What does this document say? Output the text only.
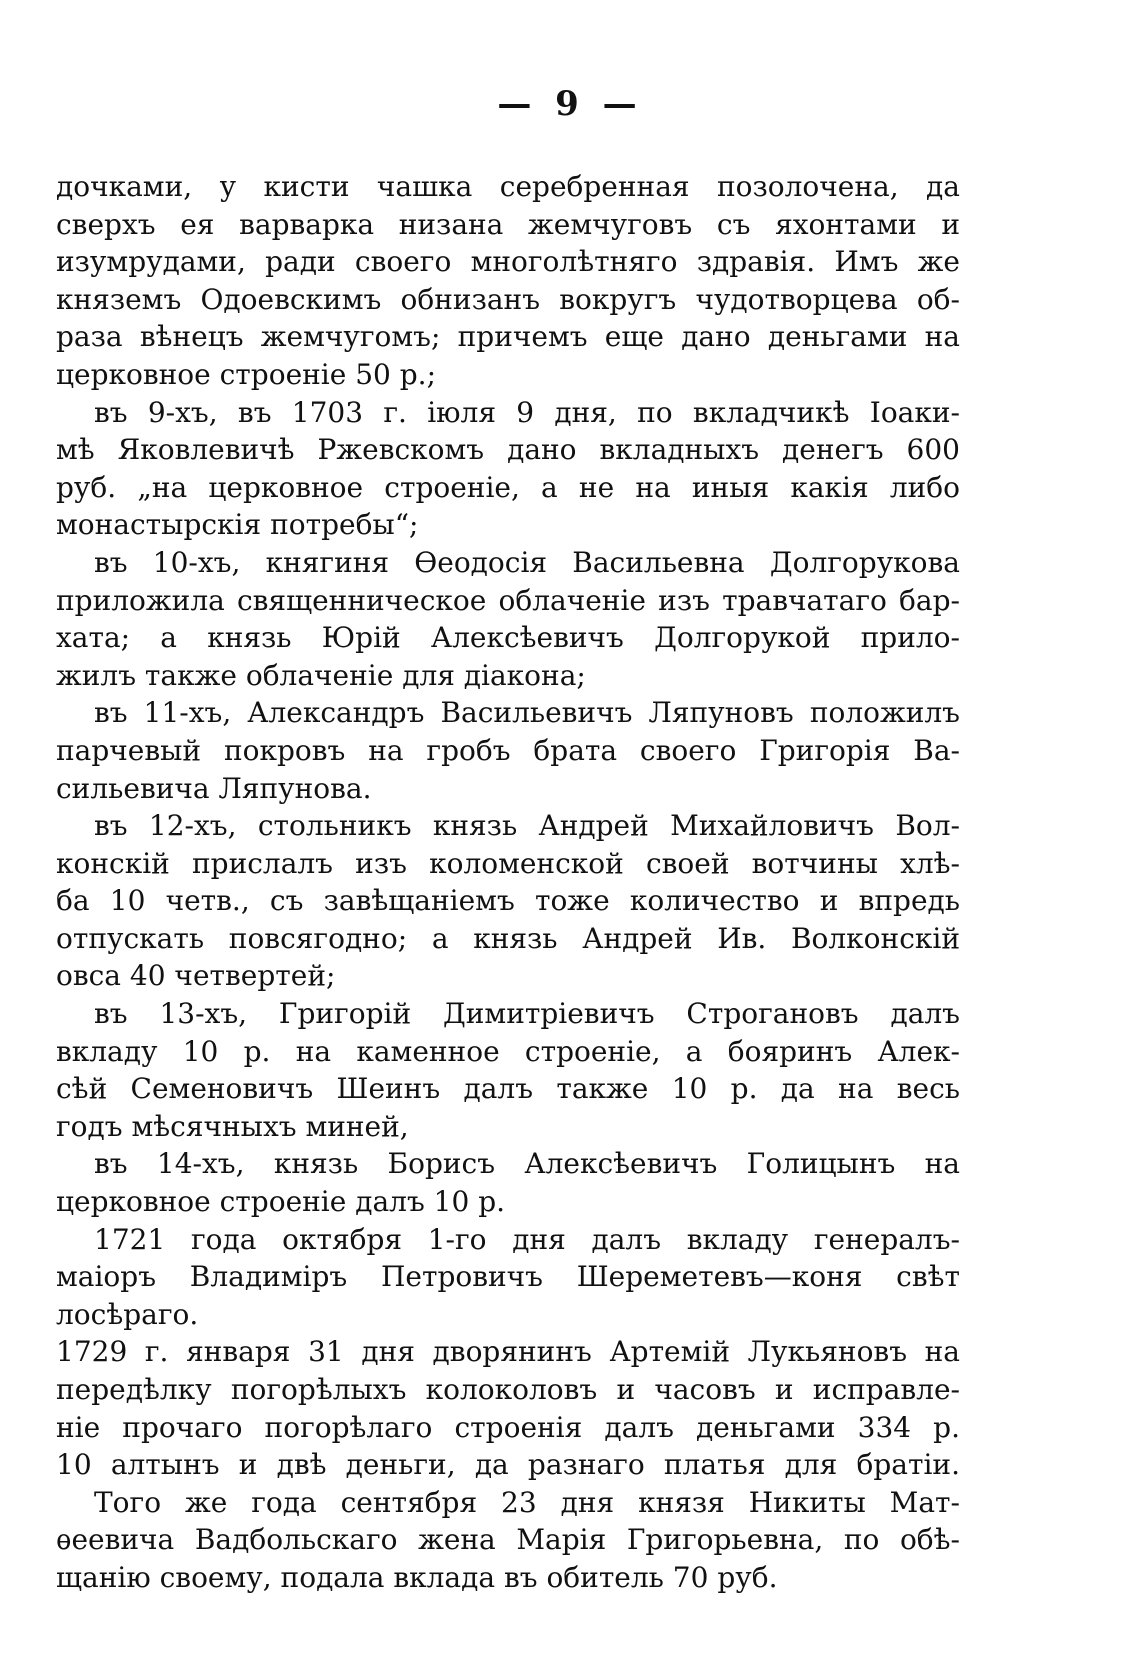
— 9 —
дочками, у кисти чашка серебренная позолочена, да
сверхъ ея варварка низана жемчуговъ съ яхонтами и
изумрудами, ради своего многолѣтняго здравія. Имъ же
княземъ Одоевскимъ обнизанъ вокругъ чудотворцева об-
раза вѣнецъ жемчугомъ; причемъ еще дано деньгами на
церковное строеніе 50 р.;
въ 9-хъ, въ 1703 г. іюля 9 дня, по вкладчикѣ Іоаки-
мѣ Яковлевичѣ Ржевскомъ дано вкладныхъ денегъ 600
руб. „на церковное строеніе, а не на иныя какія либо
монастырскія потребы“;
въ 10-хъ, княгиня Ѳеодосія Васильевна Долгорукова
приложила священническое облаченіе изъ травчатаго бар-
хата; а князь Юрій Алексѣевичъ Долгорукой прило-
жилъ также облаченіе для діакона;
въ 11-хъ, Александръ Васильевичъ Ляпуновъ положилъ
парчевый покровъ на гробъ брата своего Григорія Ва-
сильевича Ляпунова.
въ 12-хъ, стольникъ князь Андрей Михайловичъ Вол-
конскій прислалъ изъ коломенской своей вотчины хлѣ-
ба 10 четв., съ завѣщаніемъ тоже количество и впредь
отпускать повсягодно; а князь Андрей Ив. Волконскій
овса 40 четвертей;
въ 13-хъ, Григорій Димитріевичъ Строгановъ далъ
вкладу 10 р. на каменное строеніе, а бояринъ Алек-
сѣй Семеновичъ Шеинъ далъ также 10 р. да на весь
годъ мѣсячныхъ миней,
въ 14-хъ, князь Борисъ Алексѣевичъ Голицынъ на
церковное строеніе далъ 10 р.
1721 года октября 1-го дня далъ вкладу генералъ-
маіоръ Владиміръ Петровичъ Шереметевъ—коня свѣт
лосѣраго.
1729 г. января 31 дня дворянинъ Артемій Лукьяновъ на
передѣлку погорѣлыхъ колоколовъ и часовъ и исправле-
ніе прочаго погорѣлаго строенія далъ деньгами 334 р.
10 алтынъ и двѣ деньги, да разнаго платья для братіи.
Того же года сентября 23 дня князя Никиты Мат-
ѳеевича Вадбольскаго жена Марія Григорьевна, по обѣ-
щанію своему, подала вклада въ обитель 70 руб.
